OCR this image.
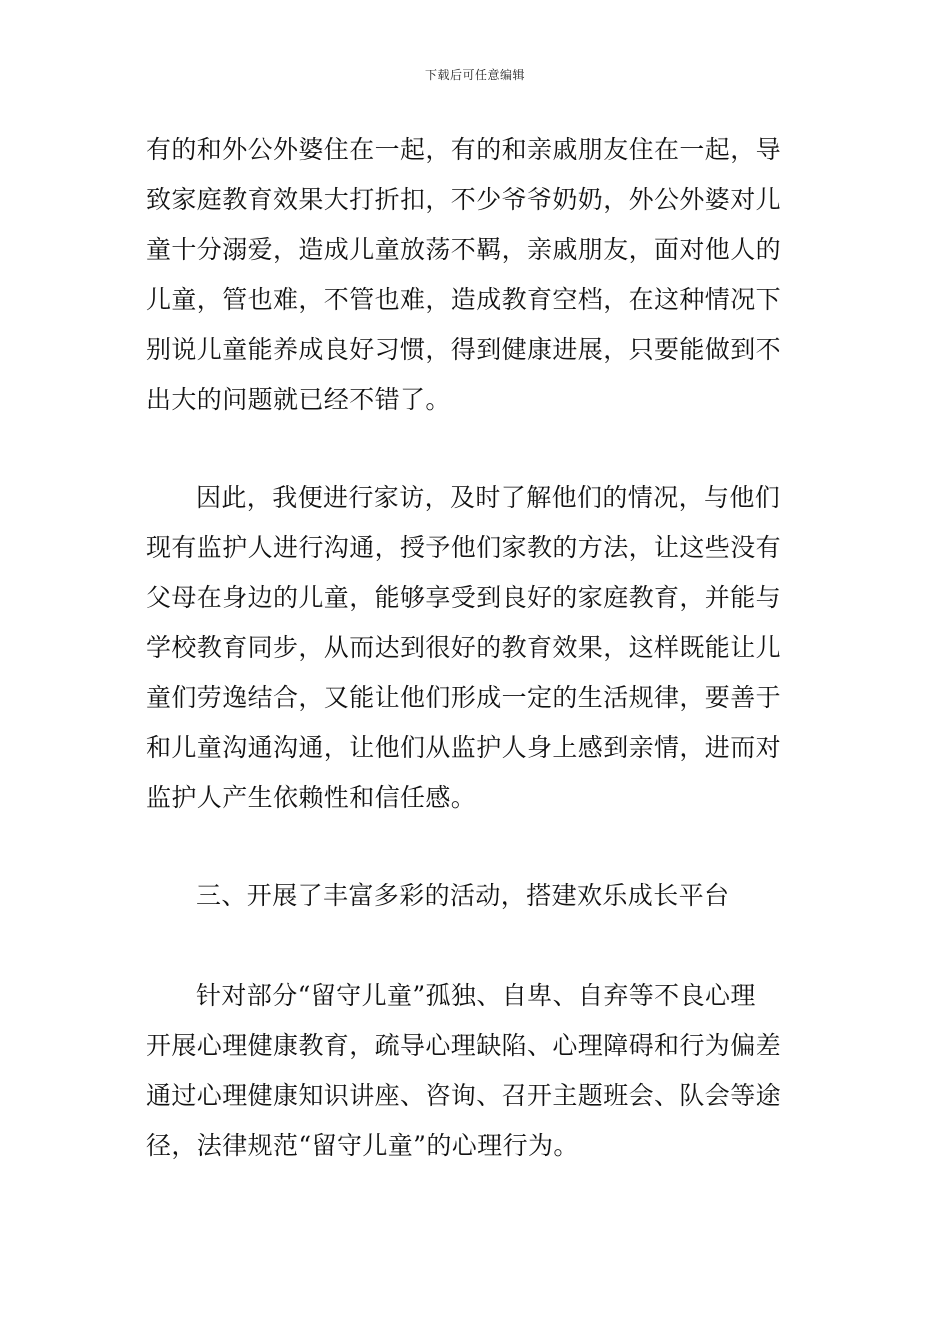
下载后可任意编辑
有的和外公外婆住在一起，有的和亲戚朋友住在一起，导
致家庭教育效果大打折扣，不少爷爷奶奶，外公外婆对儿
童十分溺爱，造成儿童放荡不羁，亲戚朋友，面对他人的
儿童，管也难，不管也难，造成教育空档，在这种情况下
别说儿童能养成良好习惯，得到健康进展，只要能做到不
出大的问题就已经不错了。
因此，我便进行家访，及时了解他们的情况，与他们
现有监护人进行沟通，授予他们家教的方法，让这些没有
父母在身边的儿童，能够享受到良好的家庭教育，并能与
学校教育同步，从而达到很好的教育效果，这样既能让儿
童们劳逸结合，又能让他们形成一定的生活规律，要善于
和儿童沟通沟通，让他们从监护人身上感到亲情，进而对
监护人产生依赖性和信任感。
三、开展了丰富多彩的活动，搭建欢乐成长平台
针对部分“留守儿童”孤独、自卑、自弃等不良心理
开展心理健康教育，疏导心理缺陷、心理障碍和行为偏差
通过心理健康知识讲座、咨询、召开主题班会、队会等途
径，法律规范“留守儿童”的心理行为。
